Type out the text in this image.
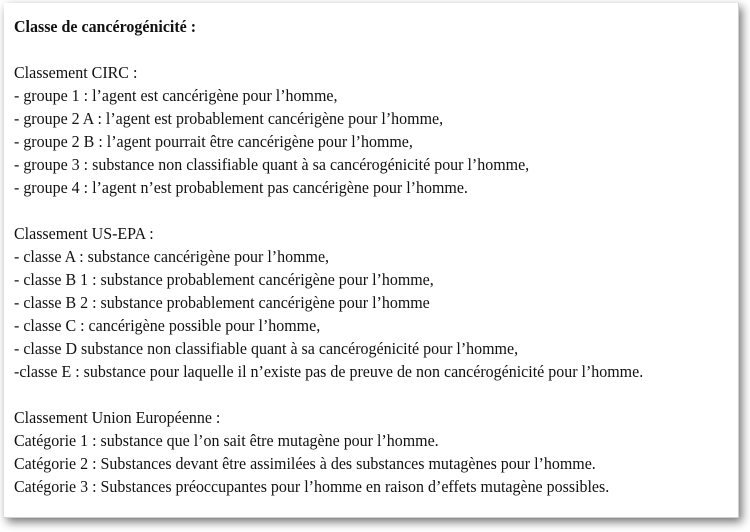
Classe de cancérogénicité :
Classement CIRC :
- groupe 1 : l’agent est cancérigène pour l’homme,
- groupe 2 A : l’agent est probablement cancérigène pour l’homme,
- groupe 2 B : l’agent pourrait être cancérigène pour l’homme,
- groupe 3 : substance non classifiable quant à sa cancérogénicité pour l’homme,
- groupe 4 : l’agent n’est probablement pas cancérigène pour l’homme.
Classement US-EPA :
- classe A : substance cancérigène pour l’homme,
- classe B 1 : substance probablement cancérigène pour l’homme,
- classe B 2 : substance probablement cancérigène pour l’homme
- classe C : cancérigène possible pour l’homme,
- classe D substance non classifiable quant à sa cancérogénicité pour l’homme,
-classe E : substance pour laquelle il n’existe pas de preuve de non cancérogénicité pour l’homme.
Classement Union Européenne :
Catégorie 1 : substance que l’on sait être mutagène pour l’homme.
Catégorie 2 : Substances devant être assimilées à des substances mutagènes pour l’homme.
Catégorie 3 : Substances préoccupantes pour l’homme en raison d’effets mutagène possibles.
